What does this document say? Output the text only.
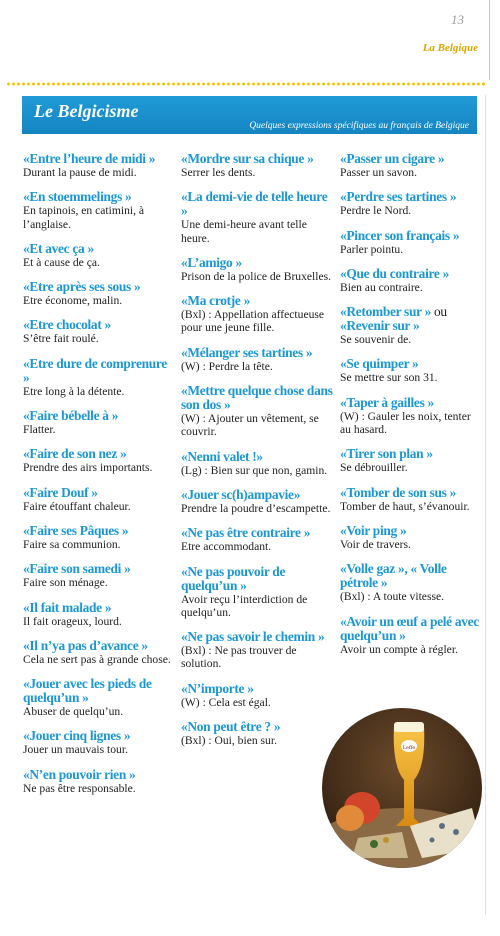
13
La Belgique
Le Belgicisme
Quelques expressions spécifiques au français de Belgique
«Entre l’heure de midi »
Durant la pause de midi.
«En stoemmelings »
En tapinois, en catimini, à l’anglaise.
«Et avec ça »
Et à cause de ça.
«Etre après ses sous »
Etre économe, malin.
«Etre chocolat »
S’être fait roulé.
«Etre dure de comprenure »
Etre long à la détente.
«Faire bébelle à »
Flatter.
«Faire de son nez »
Prendre des airs importants.
«Faire Douf »
Faire étouffant chaleur.
«Faire ses Pâques »
Faire sa communion.
«Faire son samedi »
Faire son ménage.
«Il fait malade »
Il fait orageux, lourd.
«Il n’ya pas d’avance »
Cela ne sert pas à grande chose.
«Jouer avec les pieds de quelqu’un »
Abuser de quelqu’un.
«Jouer cinq lignes »
Jouer un mauvais tour.
«N’en pouvoir rien »
Ne pas être responsable.
«Mordre sur sa chique »
Serrer les dents.
«La demi-vie de telle heure »
Une demi-heure avant telle heure.
«L’amigo »
Prison de la police de Bruxelles.
«Ma crotje »
(Bxl) : Appellation affectueuse pour une jeune fille.
«Mélanger ses tartines »
(W) : Perdre la tête.
«Mettre quelque chose dans son dos »
(W) : Ajouter un vêtement, se couvrir.
«Nenni valet !»
(Lg) : Bien sur que non, gamin.
«Jouer sc(h)ampavie»
Prendre la poudre d’escampette.
«Ne pas être contraire »
Etre accommodant.
«Ne pas pouvoir de quelqu’un »
Avoir reçu l’interdiction de quelqu’un.
«Ne pas savoir le chemin »
(Bxl) : Ne pas trouver de solution.
«N’importe »
(W) : Cela est égal.
«Non peut être ? »
(Bxl) : Oui, bien sur.
«Passer un cigare »
Passer un savon.
«Perdre ses tartines »
Perdre le Nord.
«Pincer son français »
Parler pointu.
«Que du contraire »
Bien au contraire.
«Retomber sur » ou
«Revenir sur »
Se souvenir de.
«Se quimper »
Se mettre sur son 31.
«Taper à gailles »
(W) : Gauler les noix, tenter au hasard.
«Tirer son plan »
Se débrouiller.
«Tomber de son sus »
Tomber de haut, s’évanouir.
«Voir ping »
Voir de travers.
«Volle gaz », « Volle pétrole »
(Bxl) : A toute vitesse.
«Avoir un œuf a pelé avec quelqu’un »
Avoir un compte à régler.
Leffe
